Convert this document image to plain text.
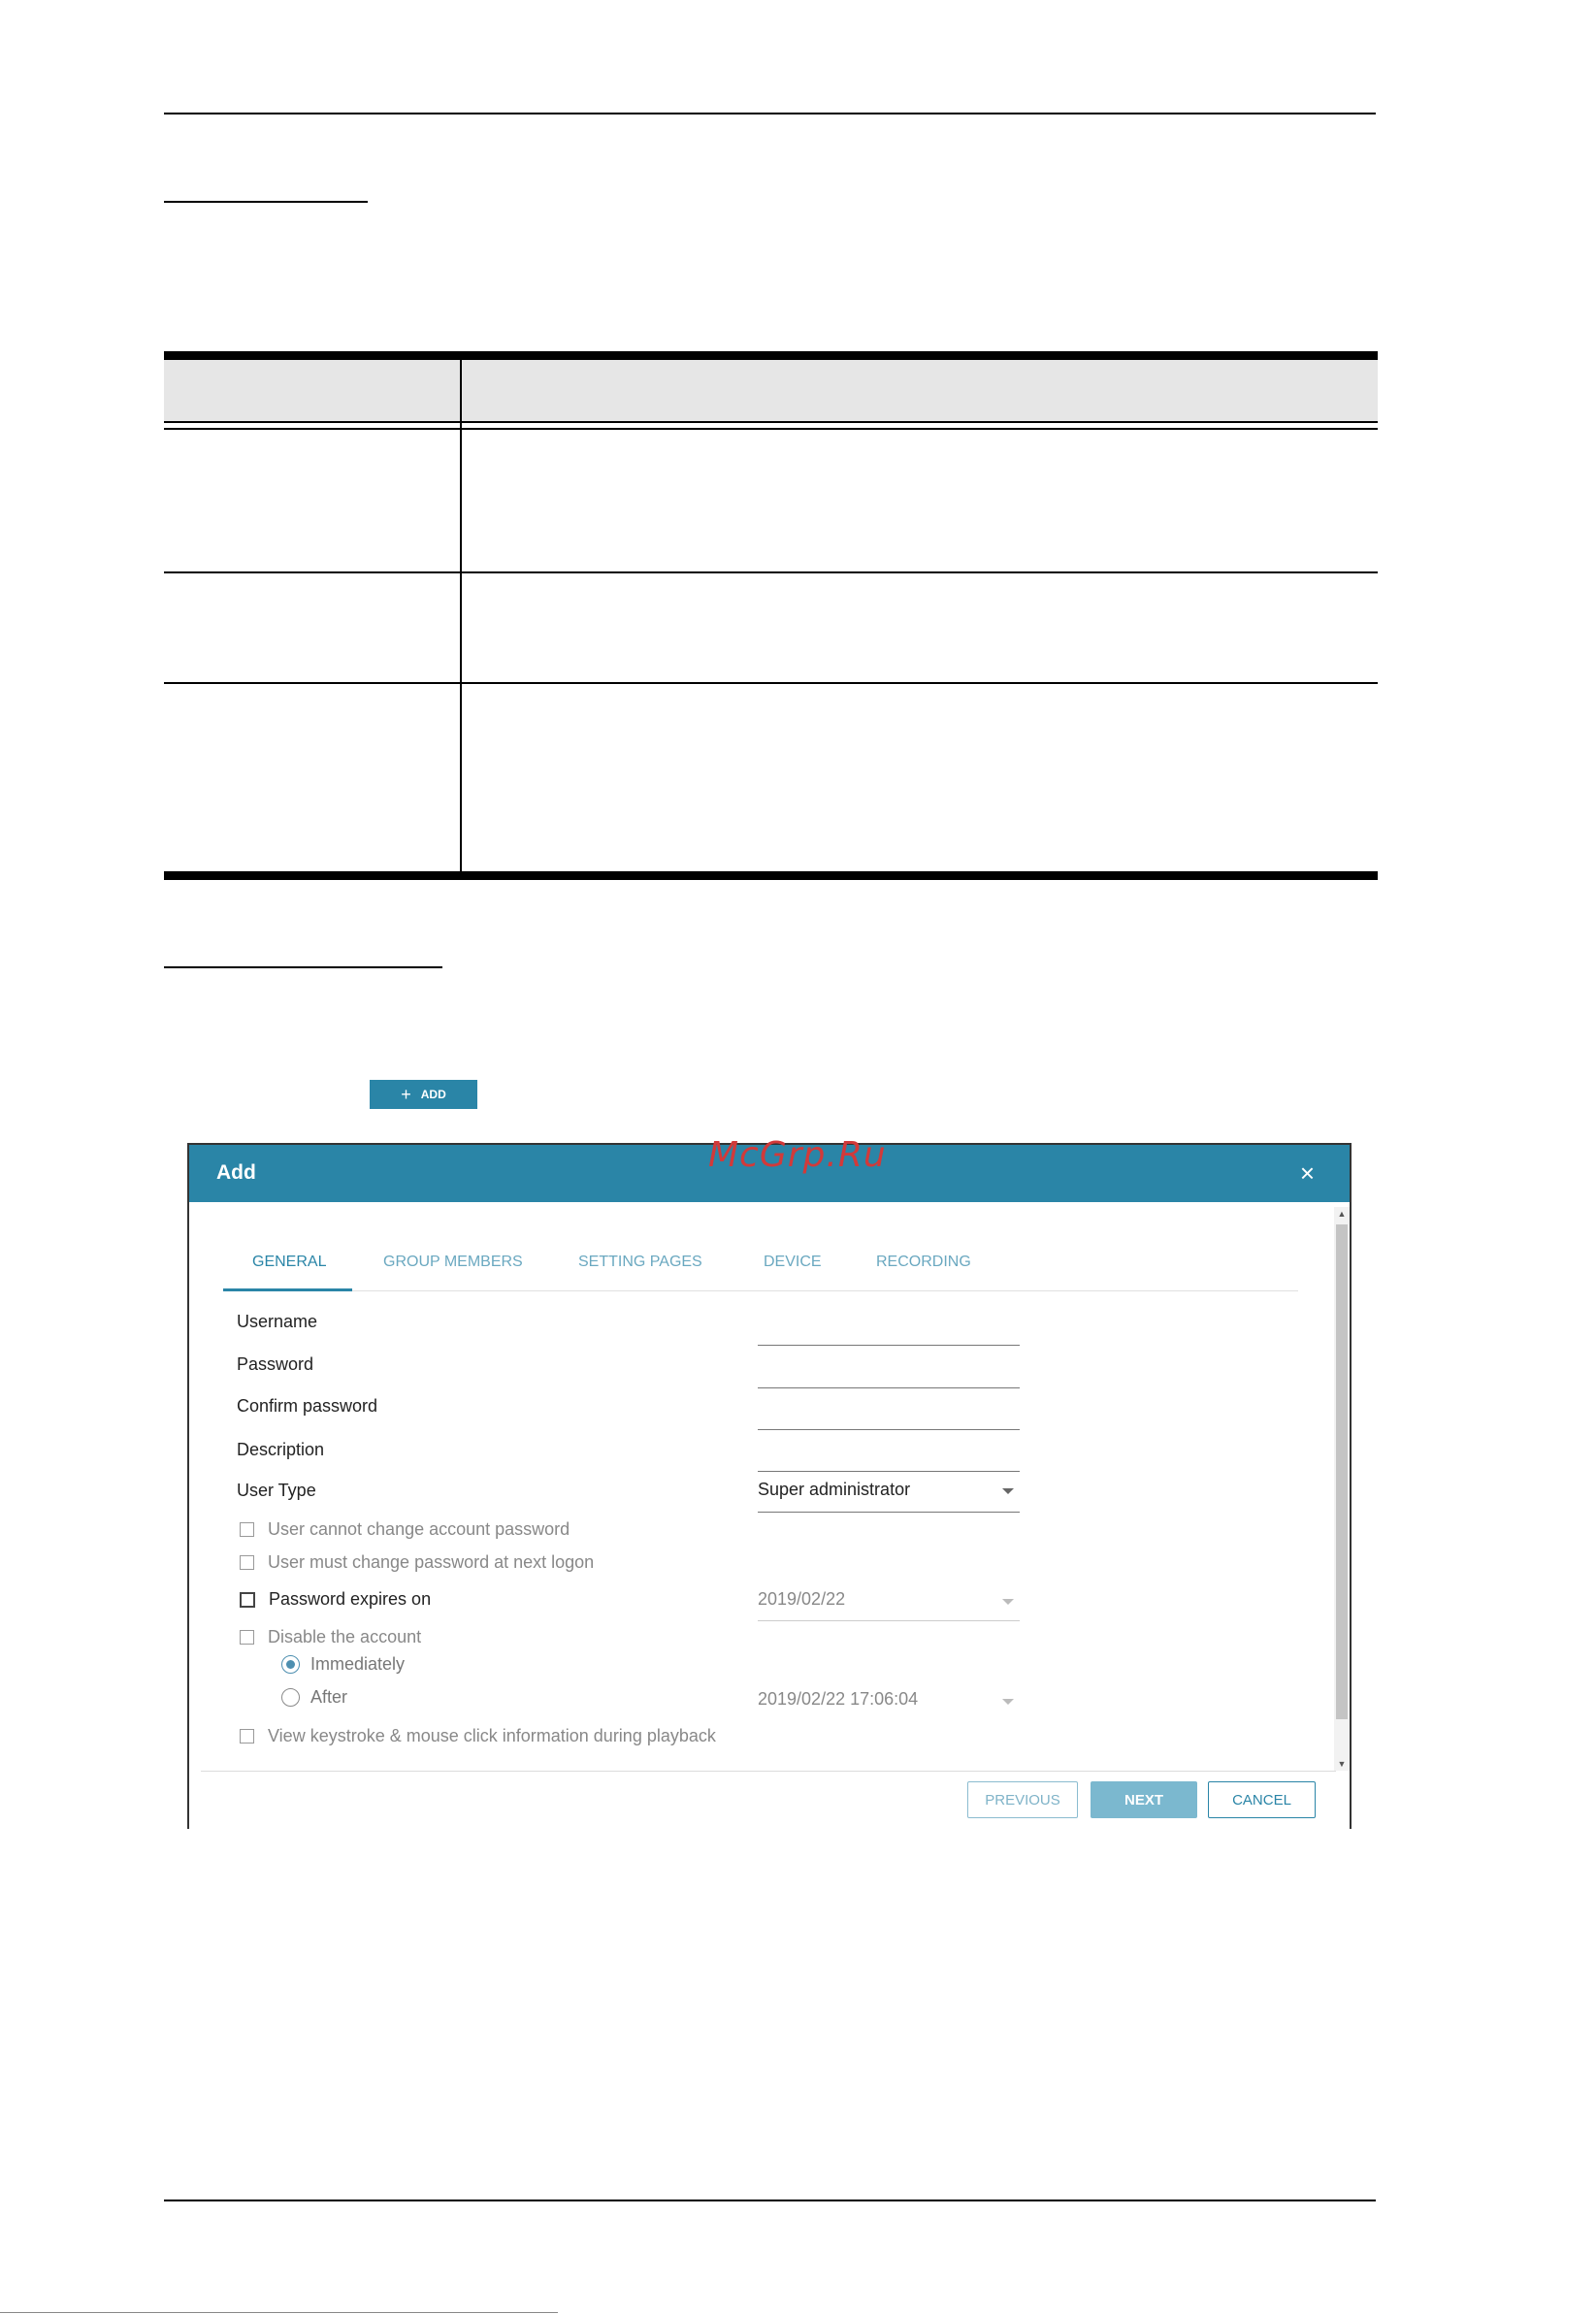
+ ADD
Add	McGrp.Ru	×
▲
▼
GENERAL	GROUP MEMBERS	SETTING PAGES	DEVICE	RECORDING
Username
Password
Confirm password
Description
User Type	Super administrator
User cannot change account password
User must change password at next logon
Password expires on	2019/02/22
Disable the account
Immediately
After	2019/02/22 17:06:04
View keystroke & mouse click information during playback
PREVIOUS	NEXT	CANCEL
